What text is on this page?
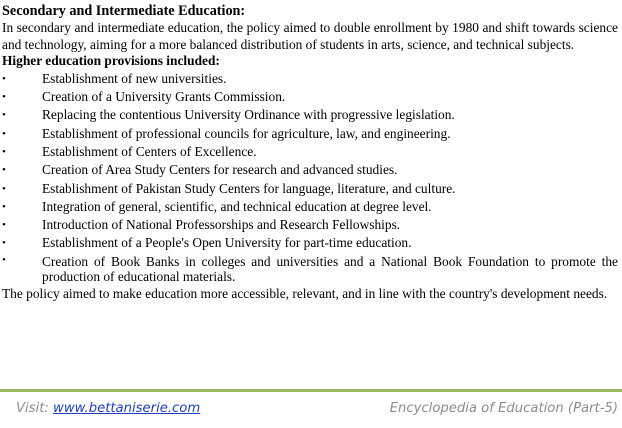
Secondary and Intermediate Education:

In secondary and intermediate education, the policy aimed to double enrollment by 1980 and shift towards science and technology, aiming for a more balanced distribution of students in arts, science, and technical subjects.

Higher education provisions included:

•	Establishment of new universities.
•	Creation of a University Grants Commission.
•	Replacing the contentious University Ordinance with progressive legislation.
•	Establishment of professional councils for agriculture, law, and engineering.
•	Establishment of Centers of Excellence.
•	Creation of Area Study Centers for research and advanced studies.
•	Establishment of Pakistan Study Centers for language, literature, and culture.
•	Integration of general, scientific, and technical education at degree level.
•	Introduction of National Professorships and Research Fellowships.
•	Establishment of a People's Open University for part-time education.
•	Creation of Book Banks in colleges and universities and a National Book Foundation to promote the production of educational materials.

The policy aimed to make education more accessible, relevant, and in line with the country's development needs.

Visit: www.bettaniserie.com	Encyclopedia of Education (Part-5)
